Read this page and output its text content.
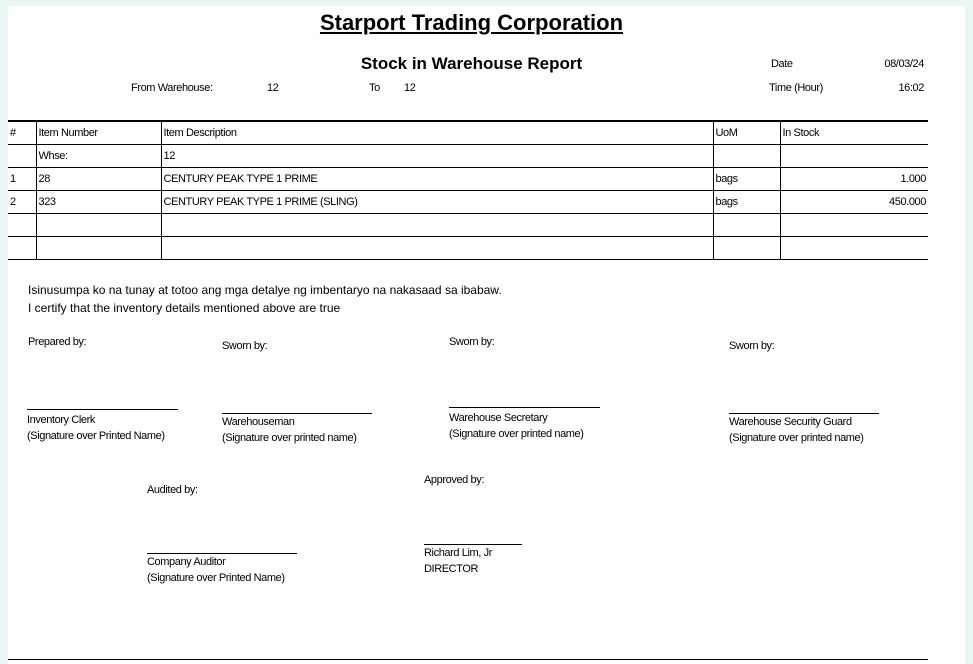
Starport Trading Corporation
Stock in Warehouse Report	Date	08/03/24
Time (Hour)	16:02
From Warehouse:	12	To 12
#	Item Number	Item Description	UoM	In Stock
	Whse:	12		
1	28	CENTURY PEAK TYPE 1 PRIME	bags	1.000
2	323	CENTURY PEAK TYPE 1 PRIME (SLING)	bags	450.000

Isinusumpa ko na tunay at totoo ang mga detalye ng imbentaryo na nakasaad sa ibabaw.
I certify that the inventory details mentioned above are true
Prepared by:	Sworn by:	Sworn by:	Sworn by:
Inventory Clerk
(Signature over Printed Name)
Warehouseman
(Signature over printed name)
Warehouse Secretary
(Signature over printed name)
Warehouse Security Guard
(Signature over printed name)
Audited by:
Approved by:
Company Auditor
(Signature over Printed Name)
Richard Lim, Jr
DIRECTOR
